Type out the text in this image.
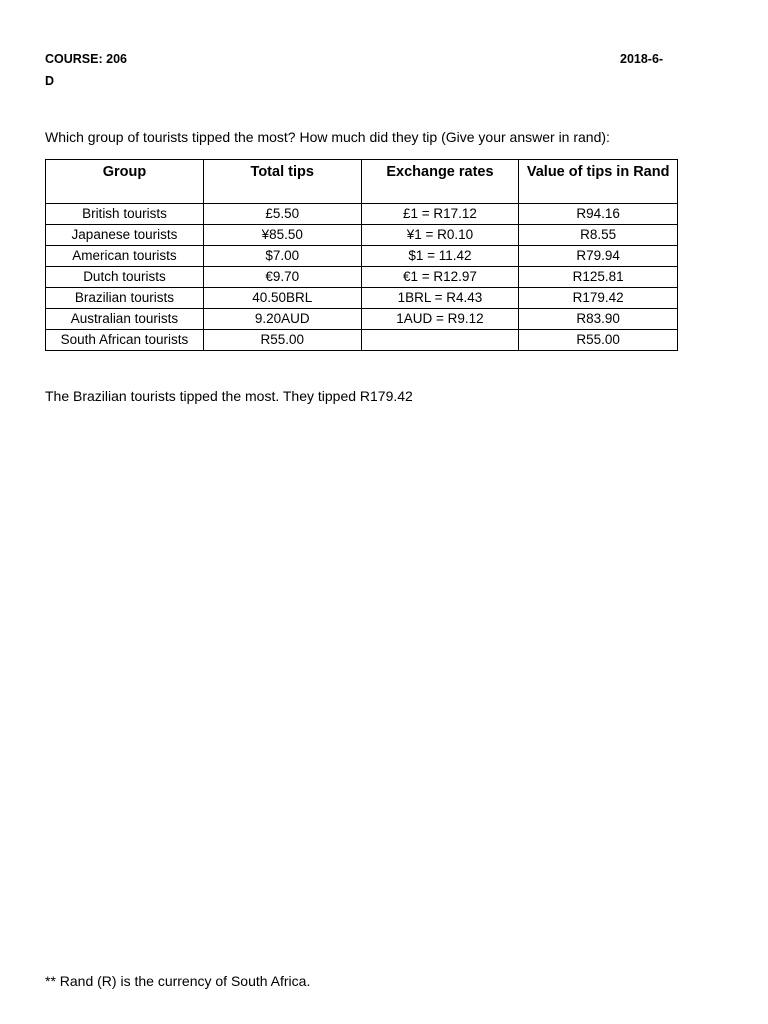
COURSE: 206
D
2018-6-
Which group of tourists tipped the most? How much did they tip (Give your answer in rand):
Group	Total tips	Exchange rates	Value of tips in Rand
British tourists	£5.50	£1 = R17.12	R94.16
Japanese tourists	¥85.50	¥1 = R0.10	R8.55
American tourists	$7.00	$1 = 11.42	R79.94
Dutch tourists	€9.70	€1 = R12.97	R125.81
Brazilian tourists	40.50BRL	1BRL = R4.43	R179.42
Australian tourists	9.20AUD	1AUD = R9.12	R83.90
South African tourists	R55.00		R55.00
The Brazilian tourists tipped the most. They tipped R179.42
** Rand (R) is the currency of South Africa.
